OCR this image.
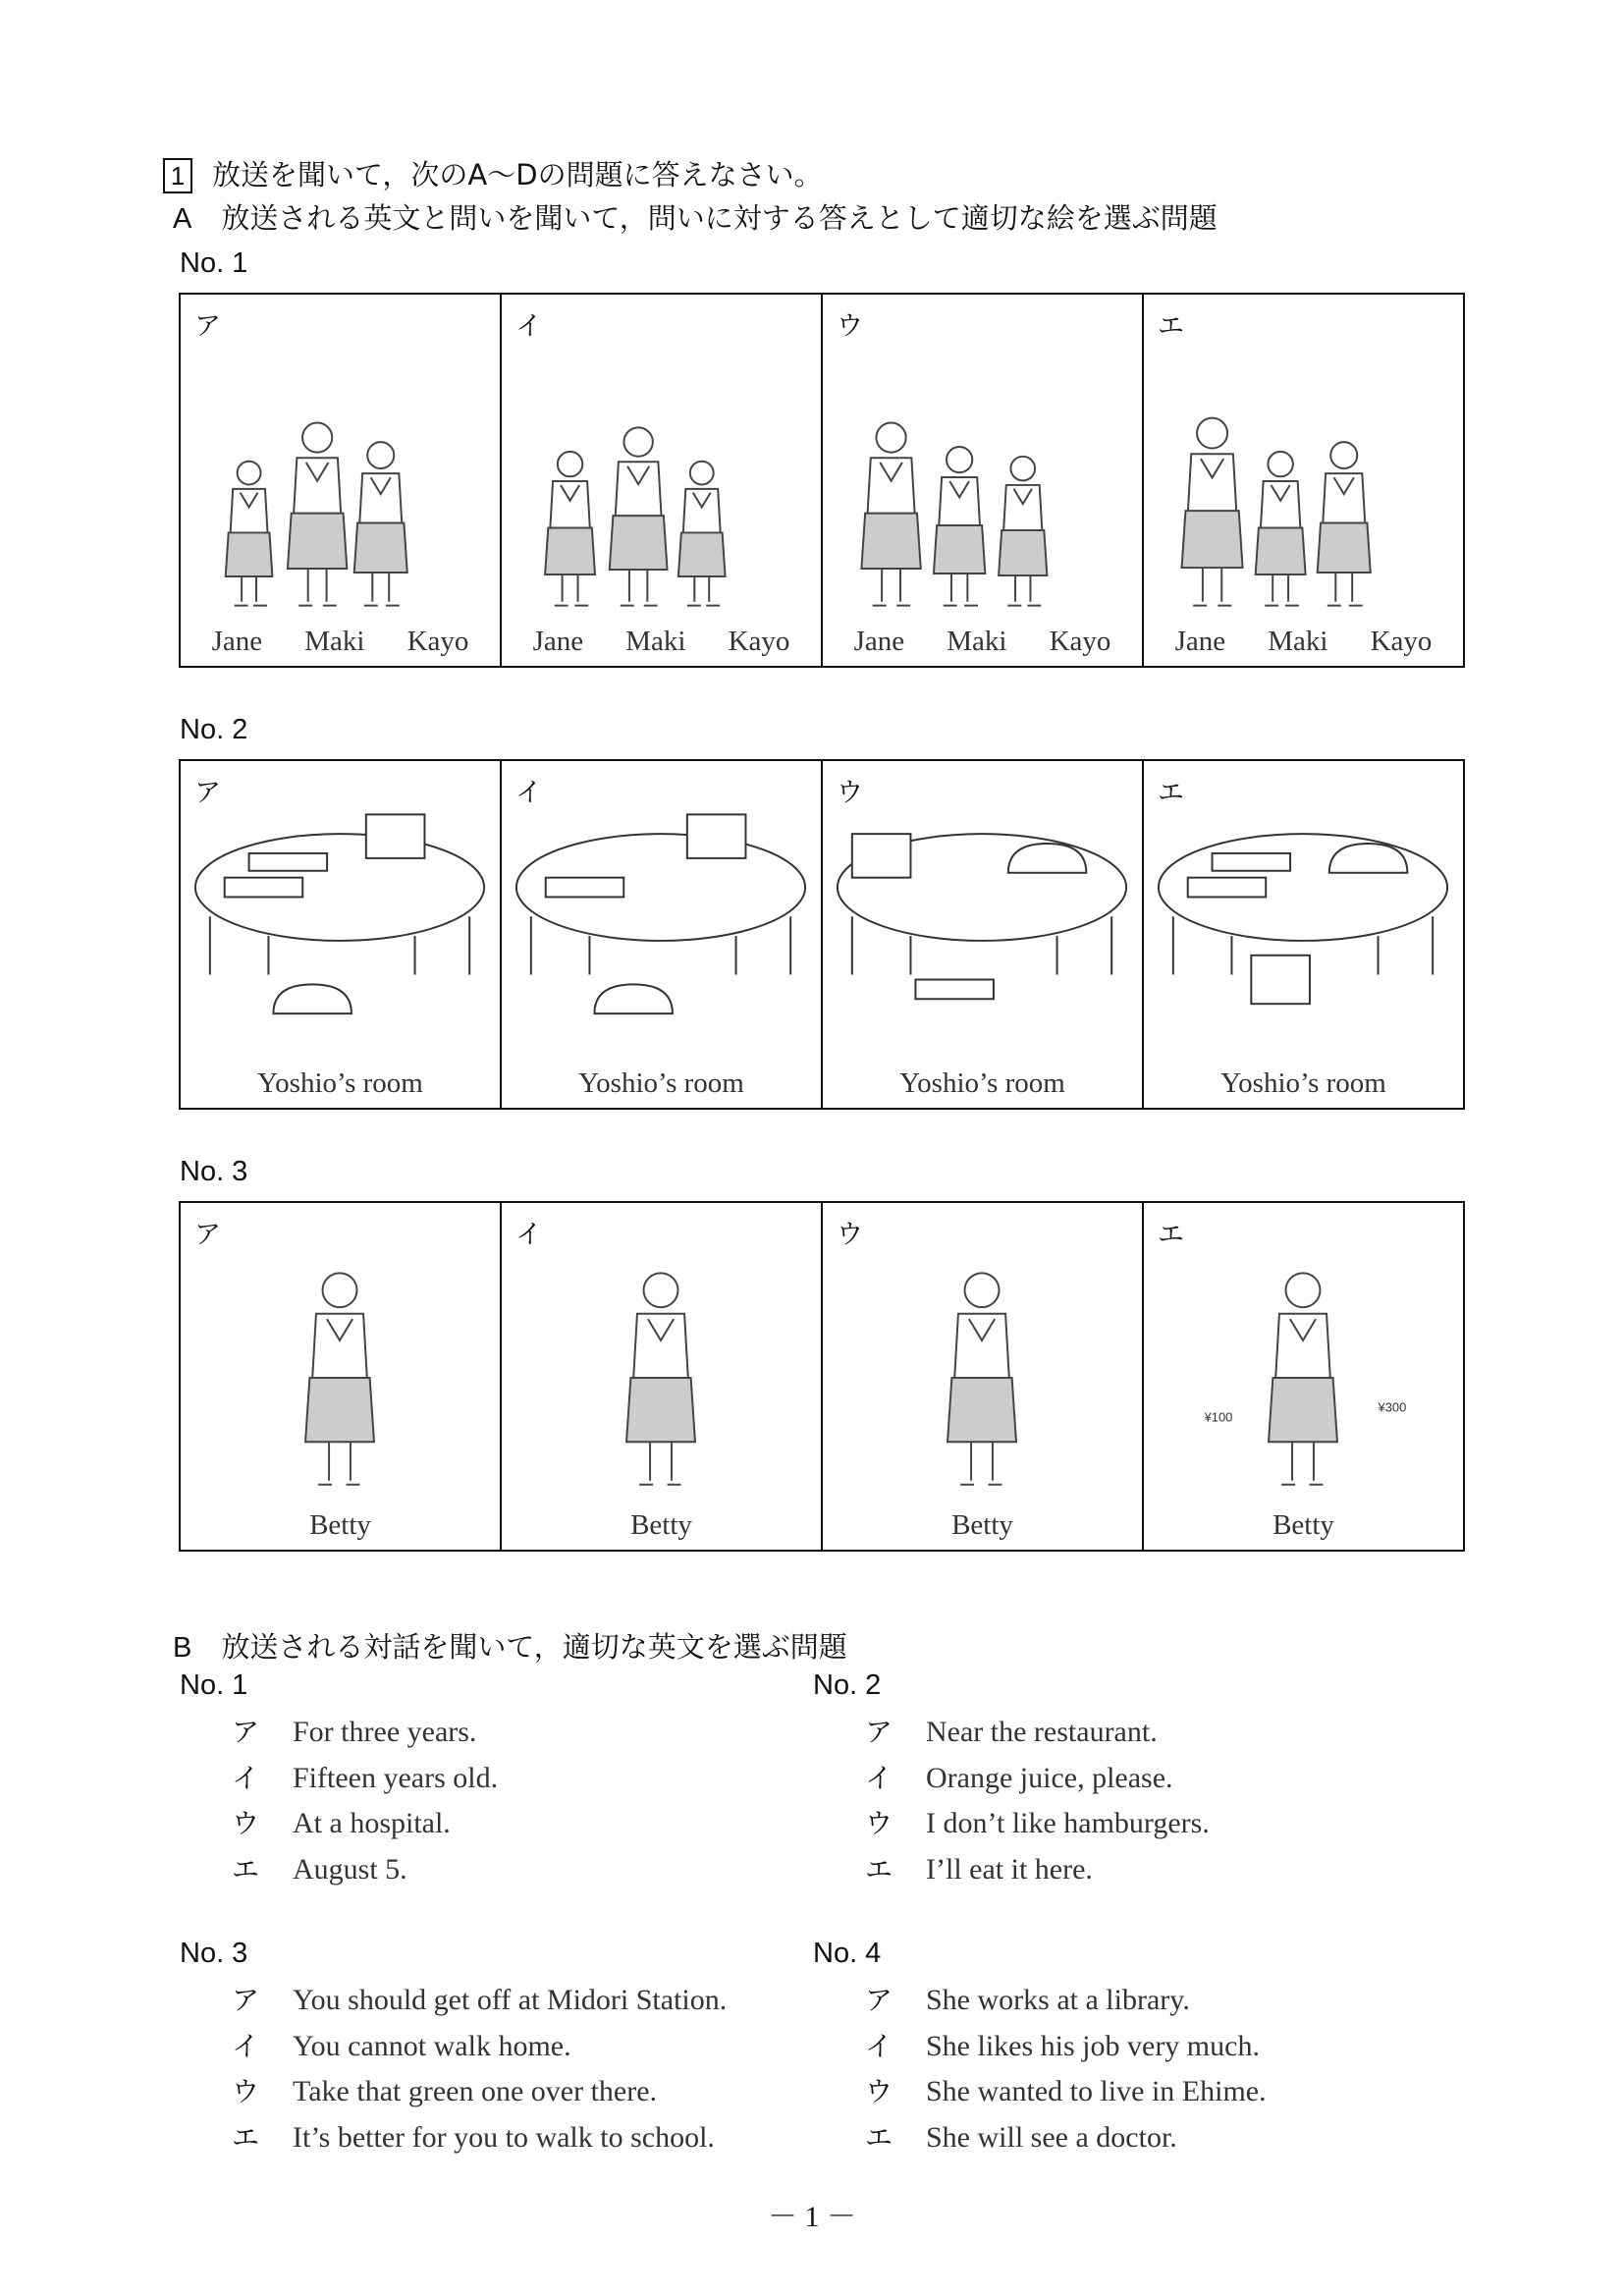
1 放送を聞いて，次のA～Dの問題に答えなさい。
A 放送される英文と問いを聞いて，問いに対する答えとして適切な絵を選ぶ問題
No. 1
ア
Jane Maki Kayo
イ
Jane Maki Kayo
ウ
Jane Maki Kayo
エ
Jane Maki Kayo
No. 2
ア
Yoshio’s room
イ
Yoshio’s room
ウ
Yoshio’s room
エ
Yoshio’s room
No. 3
ア
Betty
イ
Betty
ウ
Betty
¥100
¥300
エ
Betty
B 放送される対話を聞いて，適切な英文を選ぶ問題
No. 1
ア For three years.
イ Fifteen years old.
ウ At a hospital.
エ August 5.
No. 2
ア Near the restaurant.
イ Orange juice, please.
ウ I don’t like hamburgers.
エ I’ll eat it here.
No. 3
ア You should get off at Midori Station.
イ You cannot walk home.
ウ Take that green one over there.
エ It’s better for you to walk to school.
No. 4
ア She works at a library.
イ She likes his job very much.
ウ She wanted to live in Ehime.
エ She will see a doctor.
－ 1 －
